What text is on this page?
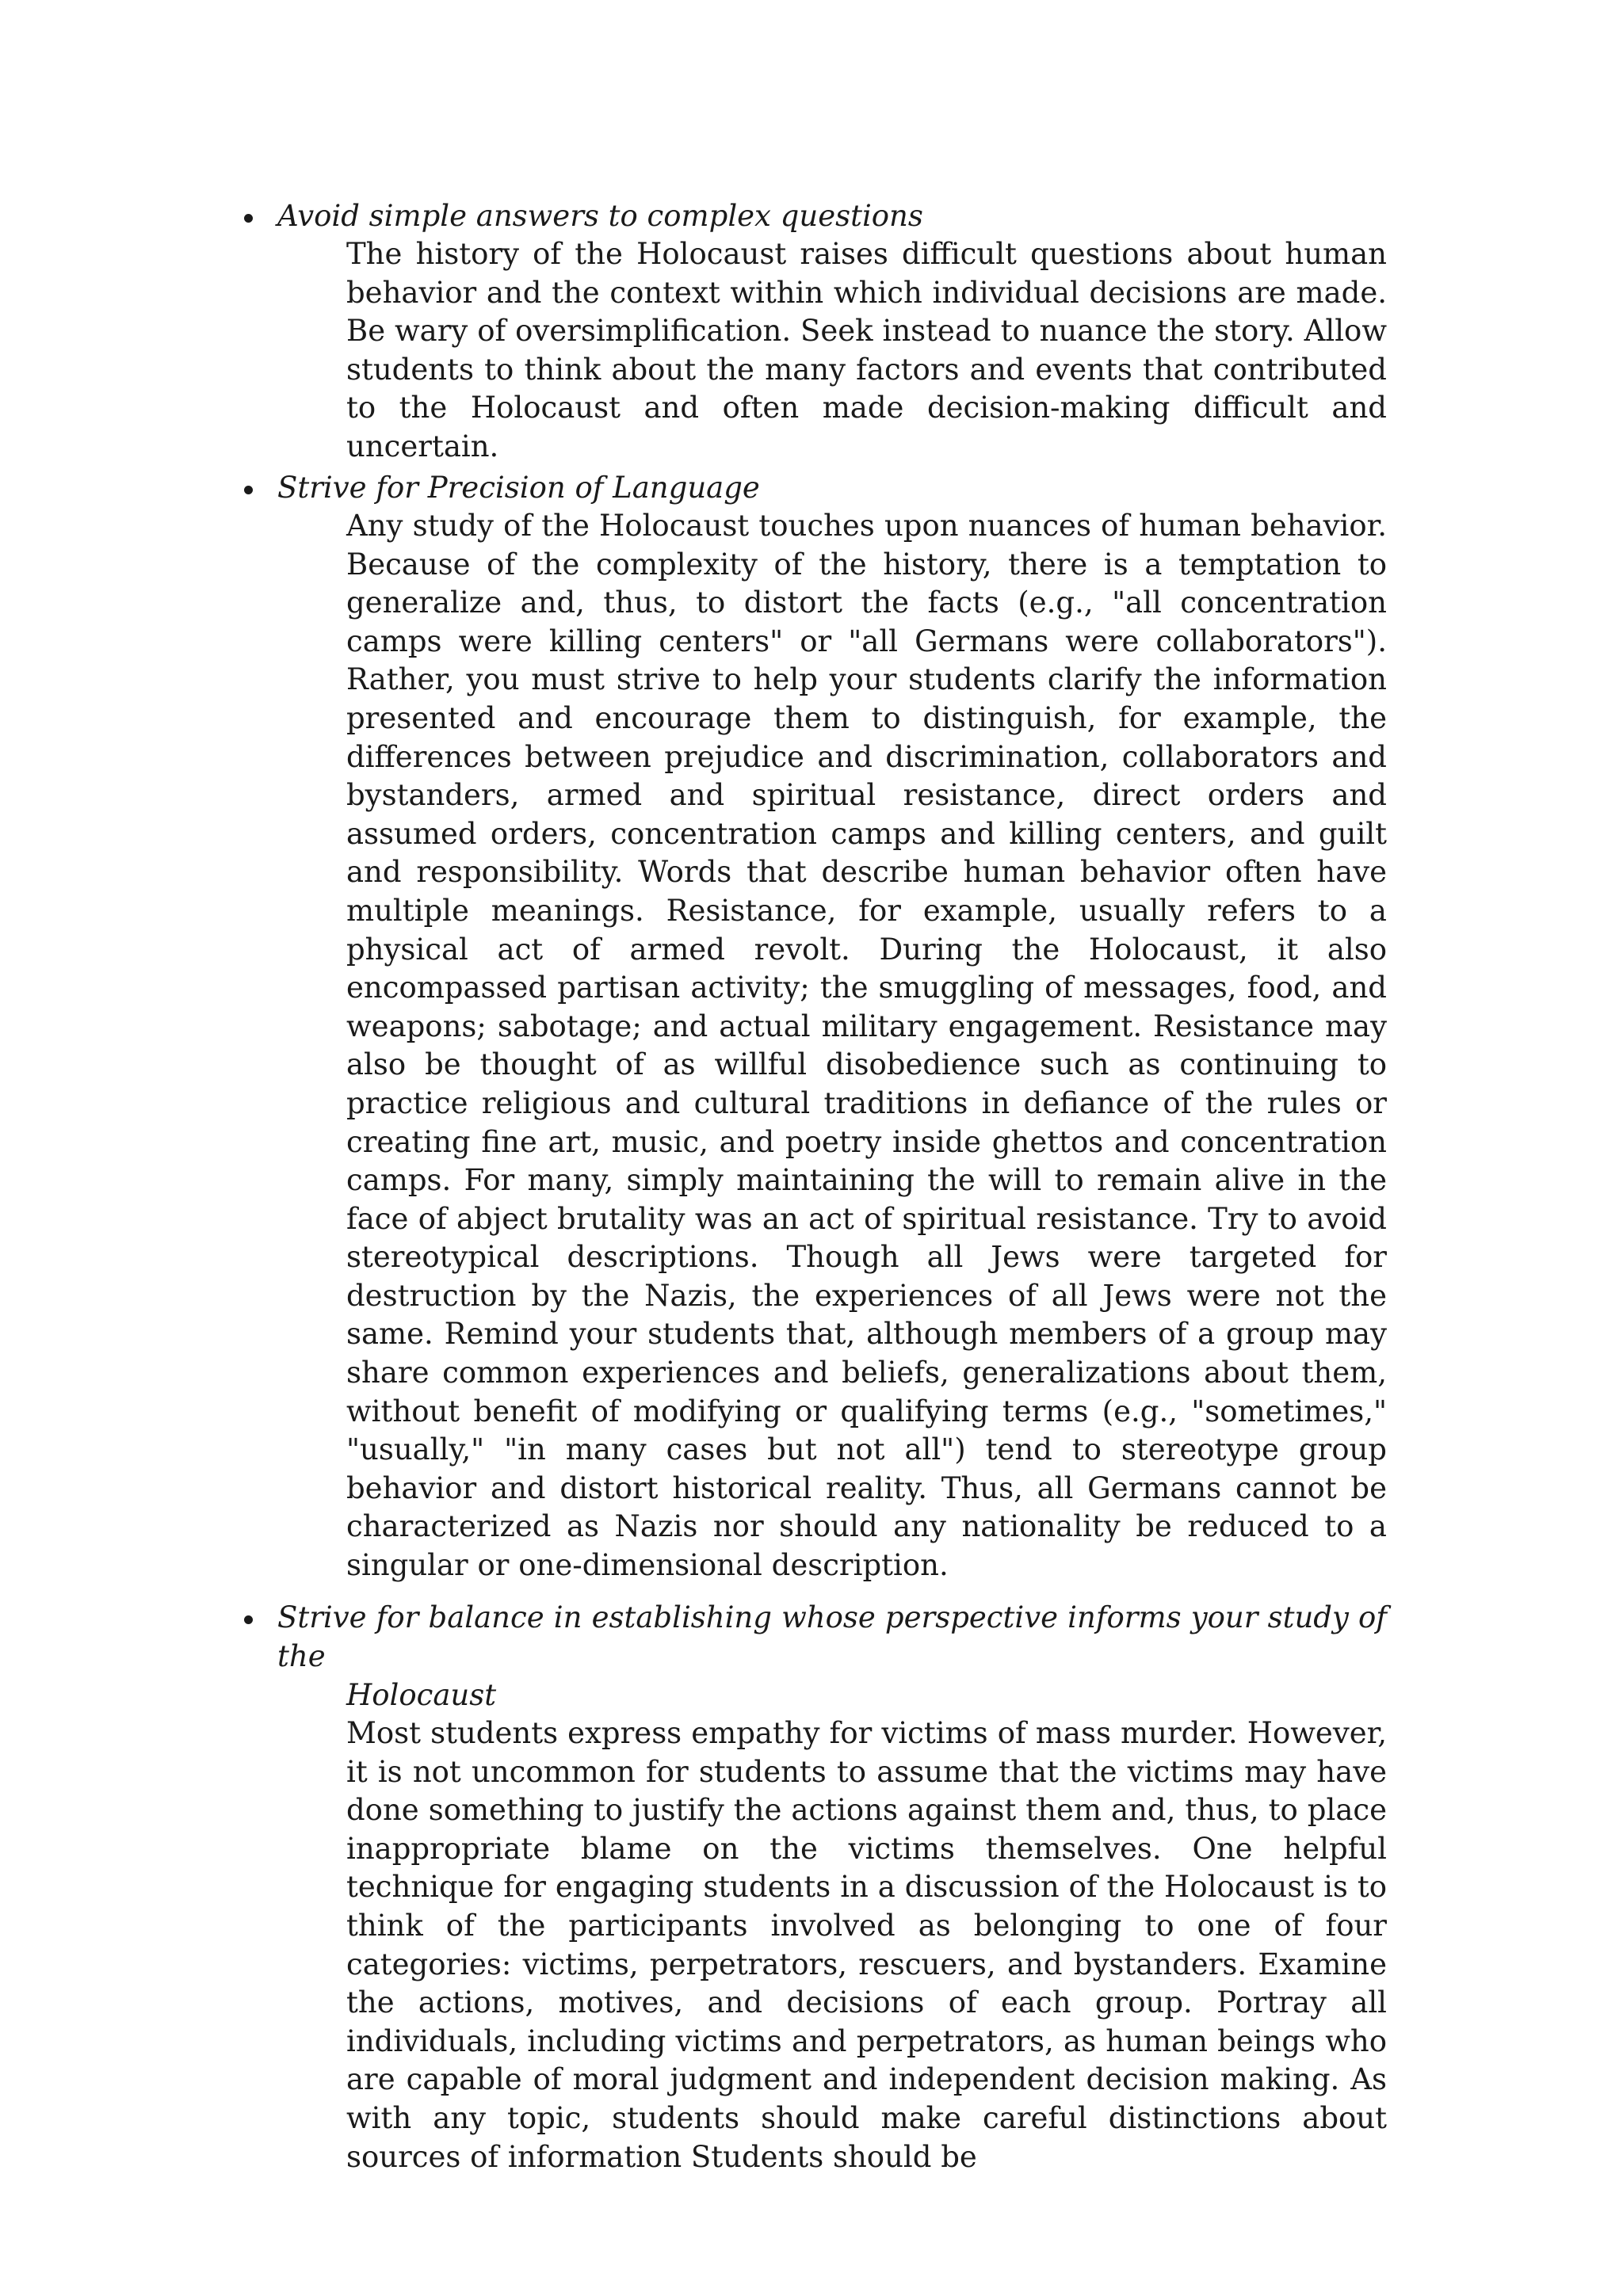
Avoid simple answers to complex questions
The history of the Holocaust raises difficult questions about human behavior and the context within which individual decisions are made. Be wary of oversimplification. Seek instead to nuance the story. Allow students to think about the many factors and events that contributed to the Holocaust and often made decision-making difficult and uncertain.
Strive for Precision of Language
Any study of the Holocaust touches upon nuances of human behavior. Because of the complexity of the history, there is a temptation to generalize and, thus, to distort the facts (e.g., "all concentration camps were killing centers" or "all Germans were collaborators"). Rather, you must strive to help your students clarify the information presented and encourage them to distinguish, for example, the differences between prejudice and discrimination, collaborators and bystanders, armed and spiritual resistance, direct orders and assumed orders, concentration camps and killing centers, and guilt and responsibility. Words that describe human behavior often have multiple meanings. Resistance, for example, usually refers to a physical act of armed revolt. During the Holocaust, it also encompassed partisan activity; the smuggling of messages, food, and weapons; sabotage; and actual military engagement. Resistance may also be thought of as willful disobedience such as continuing to practice religious and cultural traditions in defiance of the rules or creating fine art, music, and poetry inside ghettos and concentration camps. For many, simply maintaining the will to remain alive in the face of abject brutality was an act of spiritual resistance. Try to avoid stereotypical descriptions. Though all Jews were targeted for destruction by the Nazis, the experiences of all Jews were not the same. Remind your students that, although members of a group may share common experiences and beliefs, generalizations about them, without benefit of modifying or qualifying terms (e.g., "sometimes," "usually," "in many cases but not all") tend to stereotype group behavior and distort historical reality. Thus, all Germans cannot be characterized as Nazis nor should any nationality be reduced to a singular or one-dimensional description.
Strive for balance in establishing whose perspective informs your study of the
Holocaust
Most students express empathy for victims of mass murder. However, it is not uncommon for students to assume that the victims may have done something to justify the actions against them and, thus, to place inappropriate blame on the victims themselves. One helpful technique for engaging students in a discussion of the Holocaust is to think of the participants involved as belonging to one of four categories: victims, perpetrators, rescuers, and bystanders. Examine the actions, motives, and decisions of each group. Portray all individuals, including victims and perpetrators, as human beings who are capable of moral judgment and independent decision making. As with any topic, students should make careful distinctions about sources of information Students should be
